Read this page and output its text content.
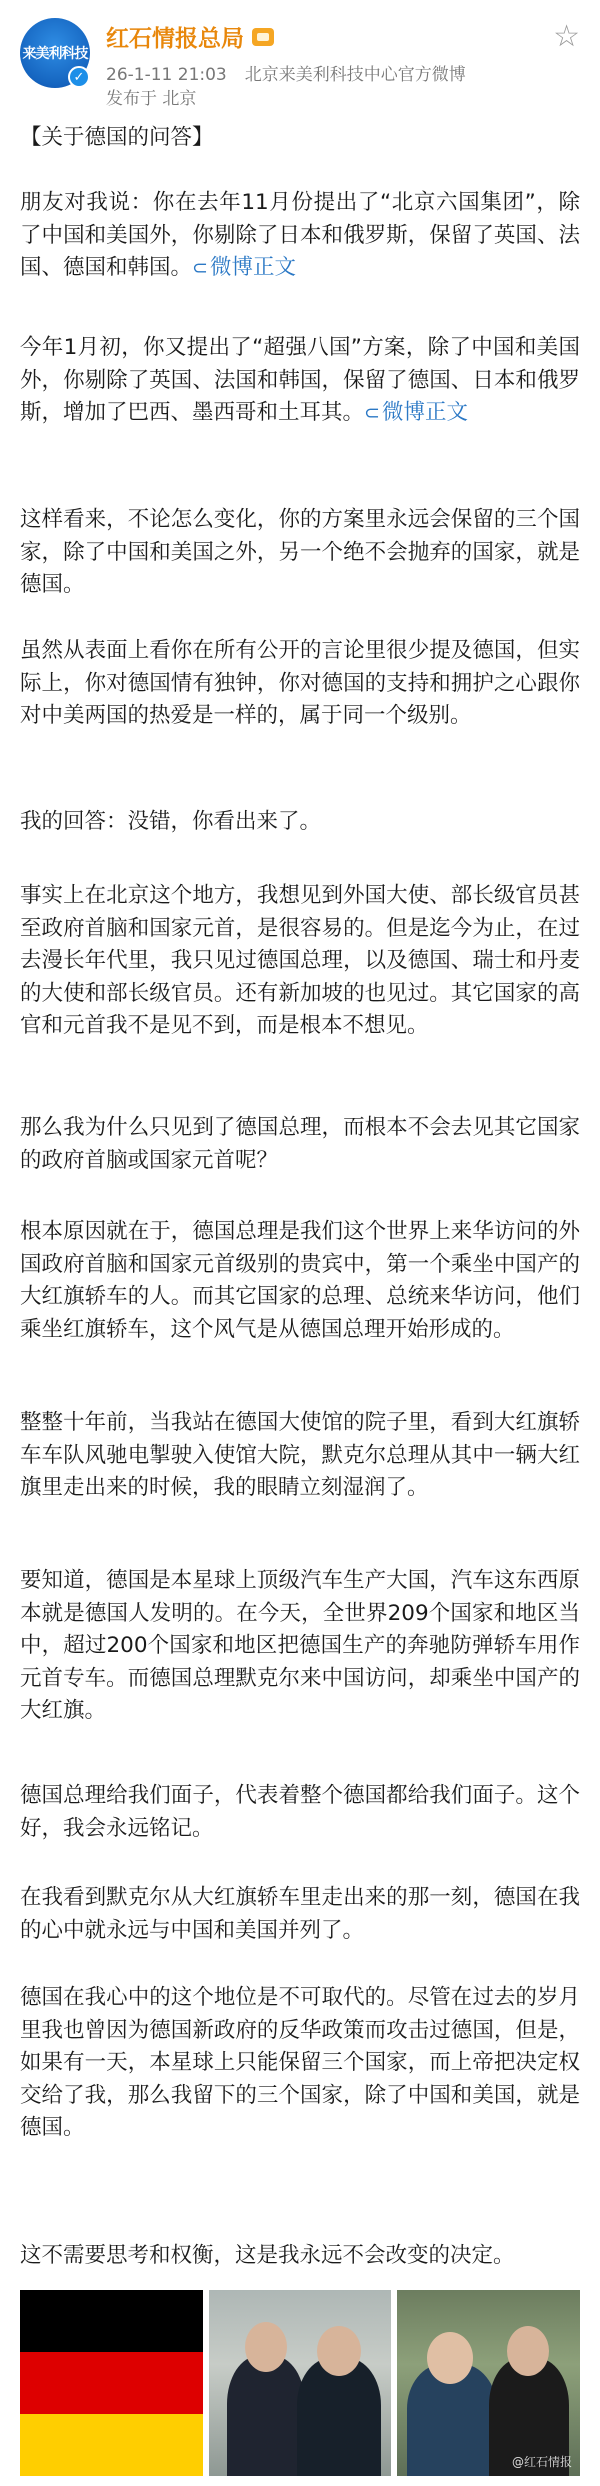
来美利科技
✓
红石情报总局
26-1-11 21:03 北京来美利科技中心官方微博
发布于 北京
☆

【关于德国的问答】

朋友对我说：你在去年11月份提出了“北京六国集团”，除了中国和美国外，你剔除了日本和俄罗斯，保留了英国、法国、德国和韩国。⊂微博正文

今年1月初，你又提出了“超强八国”方案，除了中国和美国外，你剔除了英国、法国和韩国，保留了德国、日本和俄罗斯，增加了巴西、墨西哥和土耳其。⊂微博正文

这样看来，不论怎么变化，你的方案里永远会保留的三个国家，除了中国和美国之外，另一个绝不会抛弃的国家，就是德国。

虽然从表面上看你在所有公开的言论里很少提及德国，但实际上，你对德国情有独钟，你对德国的支持和拥护之心跟你对中美两国的热爱是一样的，属于同一个级别。

我的回答：没错，你看出来了。

事实上在北京这个地方，我想见到外国大使、部长级官员甚至政府首脑和国家元首，是很容易的。但是迄今为止，在过去漫长年代里，我只见过德国总理，以及德国、瑞士和丹麦的大使和部长级官员。还有新加坡的也见过。其它国家的高官和元首我不是见不到，而是根本不想见。

那么我为什么只见到了德国总理，而根本不会去见其它国家的政府首脑或国家元首呢？

根本原因就在于，德国总理是我们这个世界上来华访问的外国政府首脑和国家元首级别的贵宾中，第一个乘坐中国产的大红旗轿车的人。而其它国家的总理、总统来华访问，他们乘坐红旗轿车，这个风气是从德国总理开始形成的。

整整十年前，当我站在德国大使馆的院子里，看到大红旗轿车车队风驰电掣驶入使馆大院，默克尔总理从其中一辆大红旗里走出来的时候，我的眼睛立刻湿润了。

要知道，德国是本星球上顶级汽车生产大国，汽车这东西原本就是德国人发明的。在今天，全世界209个国家和地区当中，超过200个国家和地区把德国生产的奔驰防弹轿车用作元首专车。而德国总理默克尔来中国访问，却乘坐中国产的大红旗。

德国总理给我们面子，代表着整个德国都给我们面子。这个好，我会永远铭记。

在我看到默克尔从大红旗轿车里走出来的那一刻，德国在我的心中就永远与中国和美国并列了。

德国在我心中的这个地位是不可取代的。尽管在过去的岁月里我也曾因为德国新政府的反华政策而攻击过德国，但是，如果有一天，本星球上只能保留三个国家，而上帝把决定权交给了我，那么我留下的三个国家，除了中国和美国，就是德国。

这不需要思考和权衡，这是我永远不会改变的决定。

@红石情报
